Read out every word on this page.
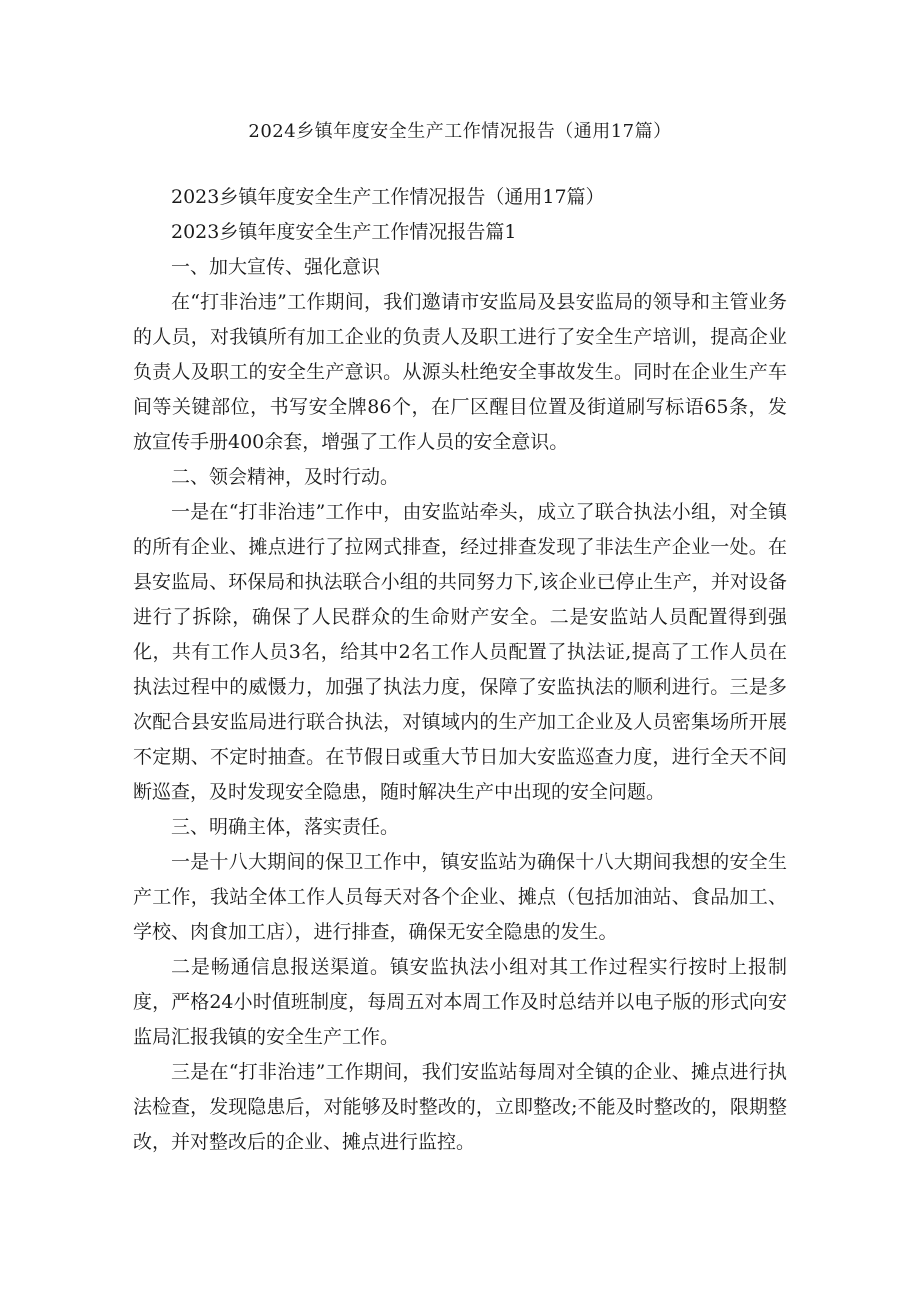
2024乡镇年度安全生产工作情况报告（通用17篇）

2023乡镇年度安全生产工作情况报告（通用17篇）

2023乡镇年度安全生产工作情况报告篇1

一、加大宣传、强化意识

在“打非治违”工作期间，我们邀请市安监局及县安监局的领导和主管业务的人员，对我镇所有加工企业的负责人及职工进行了安全生产培训，提高企业负责人及职工的安全生产意识。从源头杜绝安全事故发生。同时在企业生产车间等关键部位，书写安全牌86个，在厂区醒目位置及街道刷写标语65条，发放宣传手册400余套，增强了工作人员的安全意识。

二、领会精神，及时行动。

一是在“打非治违”工作中，由安监站牵头，成立了联合执法小组，对全镇的所有企业、摊点进行了拉网式排查，经过排查发现了非法生产企业一处。在县安监局、环保局和执法联合小组的共同努力下,该企业已停止生产，并对设备进行了拆除，确保了人民群众的生命财产安全。二是安监站人员配置得到强化，共有工作人员3名，给其中2名工作人员配置了执法证,提高了工作人员在执法过程中的威慑力，加强了执法力度，保障了安监执法的顺利进行。三是多次配合县安监局进行联合执法，对镇域内的生产加工企业及人员密集场所开展不定期、不定时抽查。在节假日或重大节日加大安监巡查力度，进行全天不间断巡查，及时发现安全隐患，随时解决生产中出现的安全问题。

三、明确主体，落实责任。

一是十八大期间的保卫工作中，镇安监站为确保十八大期间我想的安全生产工作，我站全体工作人员每天对各个企业、摊点（包括加油站、食品加工、学校、肉食加工店），进行排查，确保无安全隐患的发生。

二是畅通信息报送渠道。镇安监执法小组对其工作过程实行按时上报制度，严格24小时值班制度，每周五对本周工作及时总结并以电子版的形式向安监局汇报我镇的安全生产工作。

三是在“打非治违”工作期间，我们安监站每周对全镇的企业、摊点进行执法检查，发现隐患后，对能够及时整改的，立即整改;不能及时整改的，限期整改，并对整改后的企业、摊点进行监控。
